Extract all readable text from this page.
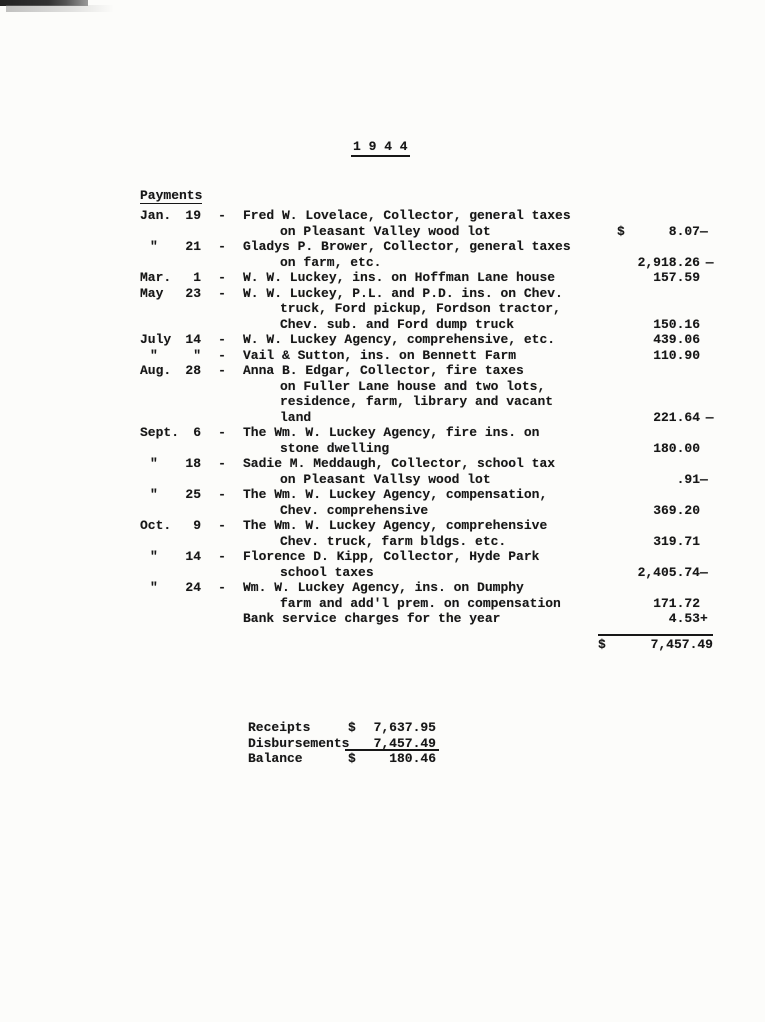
1 9 4 4
Payments
Jan.	19	-	Fred W. Lovelace, Collector, general taxes
on Pleasant Valley wood lot	$	8.07 —
"	21	-	Gladys P. Brower, Collector, general taxes
on farm, etc.	2,918.26 —
Mar.	1	-	W. W. Luckey, ins. on Hoffman Lane house	157.59
May	23	-	W. W. Luckey, P.L. and P.D. ins. on Chev.
truck, Ford pickup, Fordson tractor,
Chev. sub. and Ford dump truck	150.16
July	14	-	W. W. Luckey Agency, comprehensive, etc.	439.06
"	"	-	Vail & Sutton, ins. on Bennett Farm	110.90
Aug.	28	-	Anna B. Edgar, Collector, fire taxes
on Fuller Lane house and two lots,
residence, farm, library and vacant
land	221.64 —
Sept.	6	-	The Wm. W. Luckey Agency, fire ins. on
stone dwelling	180.00
"	18	-	Sadie M. Meddaugh, Collector, school tax
on Pleasant Vallsy wood lot	.91 —
"	25	-	The Wm. W. Luckey Agency, compensation,
Chev. comprehensive	369.20
Oct.	9	-	The Wm. W. Luckey Agency, comprehensive
Chev. truck, farm bldgs. etc.	319.71
"	14	-	Florence D. Kipp, Collector, Hyde Park
school taxes	2,405.74 —
"	24	-	Wm. W. Luckey Agency, ins. on Dumphy
farm and add'l prem. on compensation	171.72
Bank service charges for the year	4.53 +
$	7,457.49
Receipts	$ 7,637.95
Disbursements 7,457.49
Balance	$	180.46
